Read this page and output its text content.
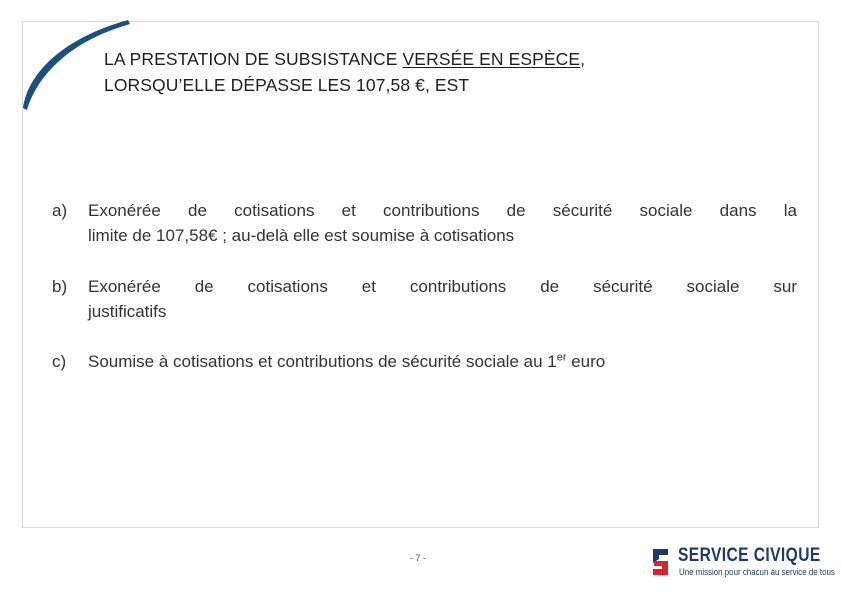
LA PRESTATION DE SUBSISTANCE VERSÉE EN ESPÈCE,
LORSQU’ELLE DÉPASSE LES 107,58 €, EST
a) Exonérée de cotisations et contributions de sécurité sociale dans la
limite de 107,58€ ; au-delà elle est soumise à cotisations
b) Exonérée de cotisations et contributions de sécurité sociale sur
justificatifs
c) Soumise à cotisations et contributions de sécurité sociale au 1er euro
- 7 -	SERVICE CIVIQUE
Une mission pour chacun au service de tous
